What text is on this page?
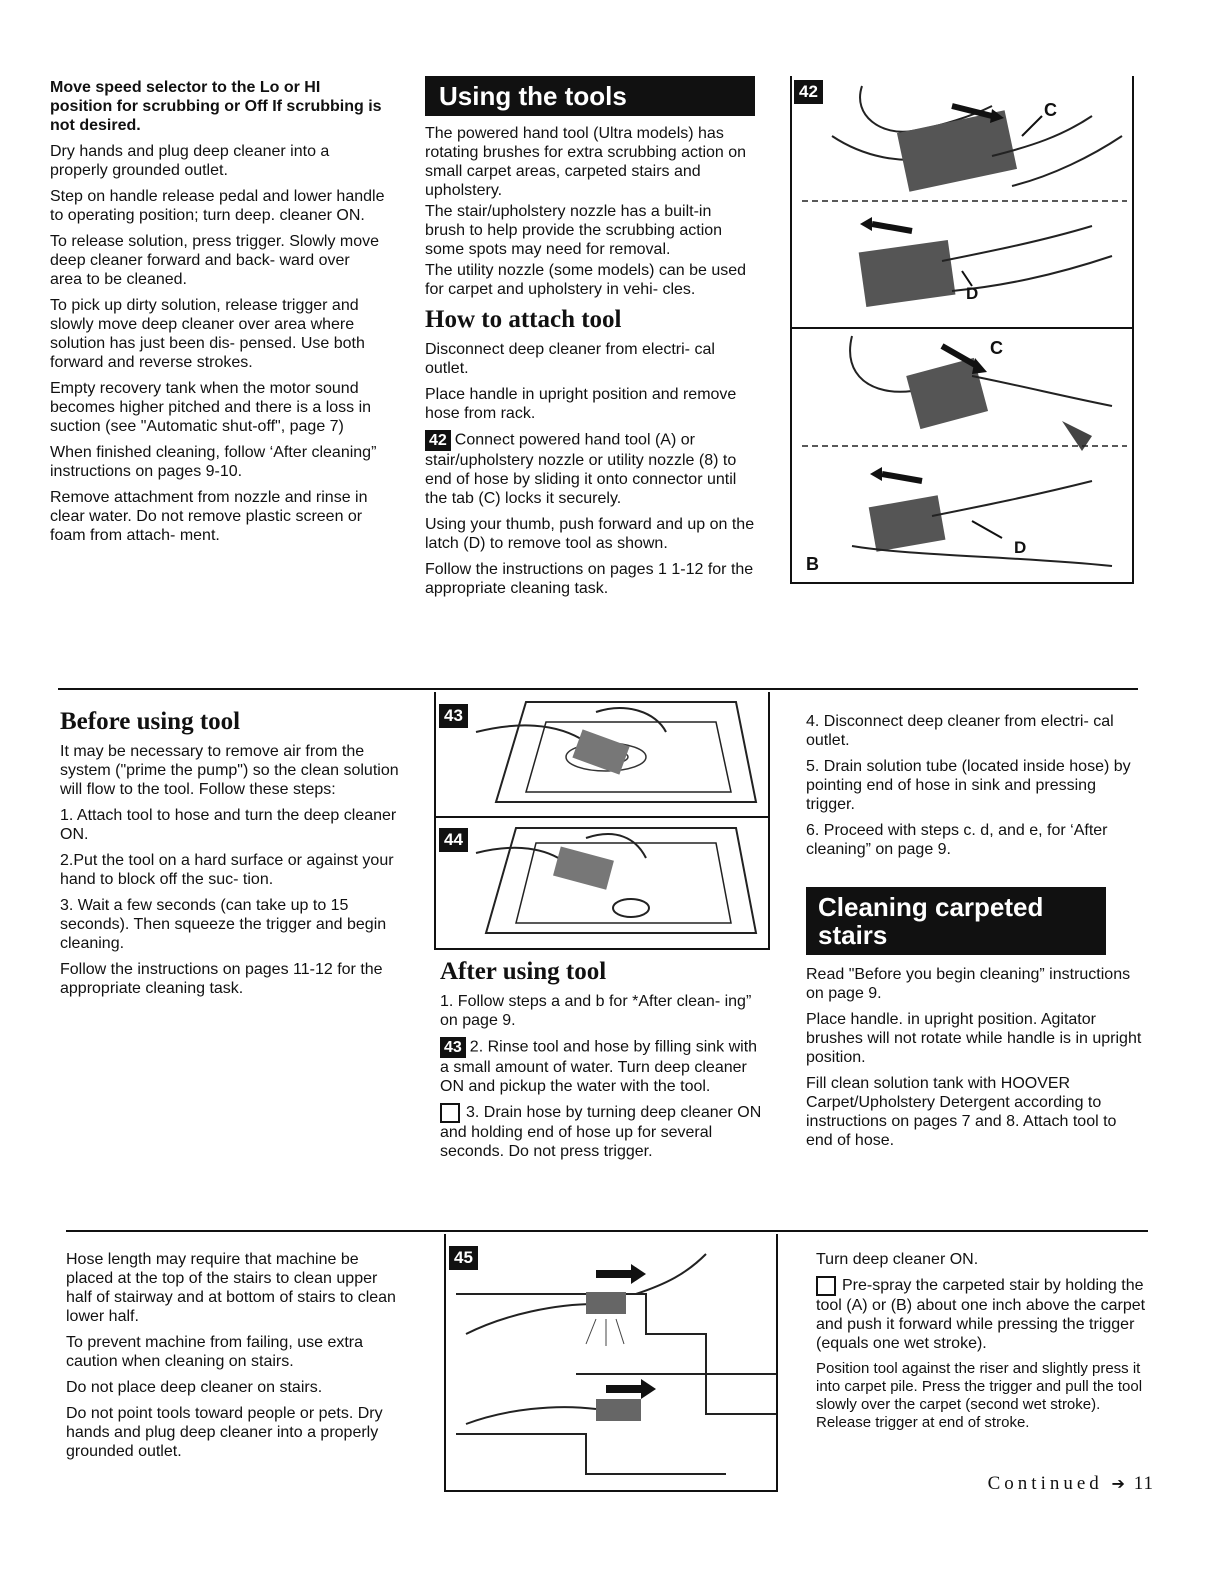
Move speed selector to the Lo or HI position for scrubbing or Off If scrubbing is not desired.

Dry hands and plug deep cleaner into a properly grounded outlet.

Step on handle release pedal and lower handle to operating position; turn deep. cleaner ON.

To release solution, press trigger. Slowly move deep cleaner forward and back- ward over area to be cleaned.

To pick up dirty solution, release trigger and slowly move deep cleaner over area where solution has just been dis- pensed. Use both forward and reverse strokes.

Empty recovery tank when the motor sound becomes higher pitched and there is a loss in suction (see "Automatic shut-off", page 7)

When finished cleaning, follow ‘After cleaning” instructions on pages 9-10.

Remove attachment from nozzle and rinse in clear water. Do not remove plastic screen or foam from attach- ment.

Using the tools

The powered hand tool (Ultra models) has rotating brushes for extra scrubbing action on small carpet areas, carpeted stairs and upholstery.

The stair/upholstery nozzle has a built-in brush to help provide the scrubbing action some spots may need for removal.

The utility nozzle (some models) can be used for carpet and upholstery in vehi- cles.

How to attach tool

Disconnect deep cleaner from electri- cal outlet.

Place handle in upright position and remove hose from rack.

42 Connect powered hand tool (A) or stair/upholstery nozzle or utility nozzle (8) to end of hose by sliding it onto connector until the tab (C) locks it securely.

Using your thumb, push forward and up on the latch (D) to remove tool as shown.

Follow the instructions on pages 1 1-12 for the appropriate cleaning task.

42
C
D
C
D
B
Before using tool

It may be necessary to remove air from the system ("prime the pump") so the clean solution will flow to the tool. Follow these steps:

1. Attach tool to hose and turn the deep cleaner ON.

2.Put the tool on a hard surface or against your hand to block off the suc- tion.

3. Wait a few seconds (can take up to 15 seconds). Then squeeze the trigger and begin cleaning.

Follow the instructions on pages 11-12 for the appropriate cleaning task.

43
44
After using tool

1. Follow steps a and b for *After clean- ing” on page 9.

43 2. Rinse tool and hose by filling sink with a small amount of water. Turn deep cleaner ON and pickup the water with the tool.

3. Drain hose by turning deep cleaner ON and holding end of hose up for several seconds. Do not press trigger.

4. Disconnect deep cleaner from electri- cal outlet.

5. Drain solution tube (located inside hose) by pointing end of hose in sink and pressing trigger.

6. Proceed with steps c. d, and e, for ‘After cleaning” on page 9.

Cleaning carpeted stairs

Read "Before you begin cleaning” instructions on page 9.

Place handle. in upright position. Agitator brushes will not rotate while handle is in upright position.

Fill clean solution tank with HOOVER Carpet/Upholstery Detergent according to instructions on pages 7 and 8. Attach tool to end of hose.

Hose length may require that machine be placed at the top of the stairs to clean upper half of stairway and at bottom of stairs to clean lower half.

To prevent machine from failing, use extra caution when cleaning on stairs.

Do not place deep cleaner on stairs.

Do not point tools toward people or pets. Dry hands and plug deep cleaner into a properly grounded outlet.

45	Turn deep cleaner ON.

Pre-spray the carpeted stair by holding the tool (A) or (B) about one inch above the carpet and push it forward while pressing the trigger (equals one wet stroke).

Position tool against the riser and slightly press it into carpet pile. Press the trigger and pull the tool slowly over the carpet (second wet stroke). Release trigger at end of stroke.

Continued ➔ 11
